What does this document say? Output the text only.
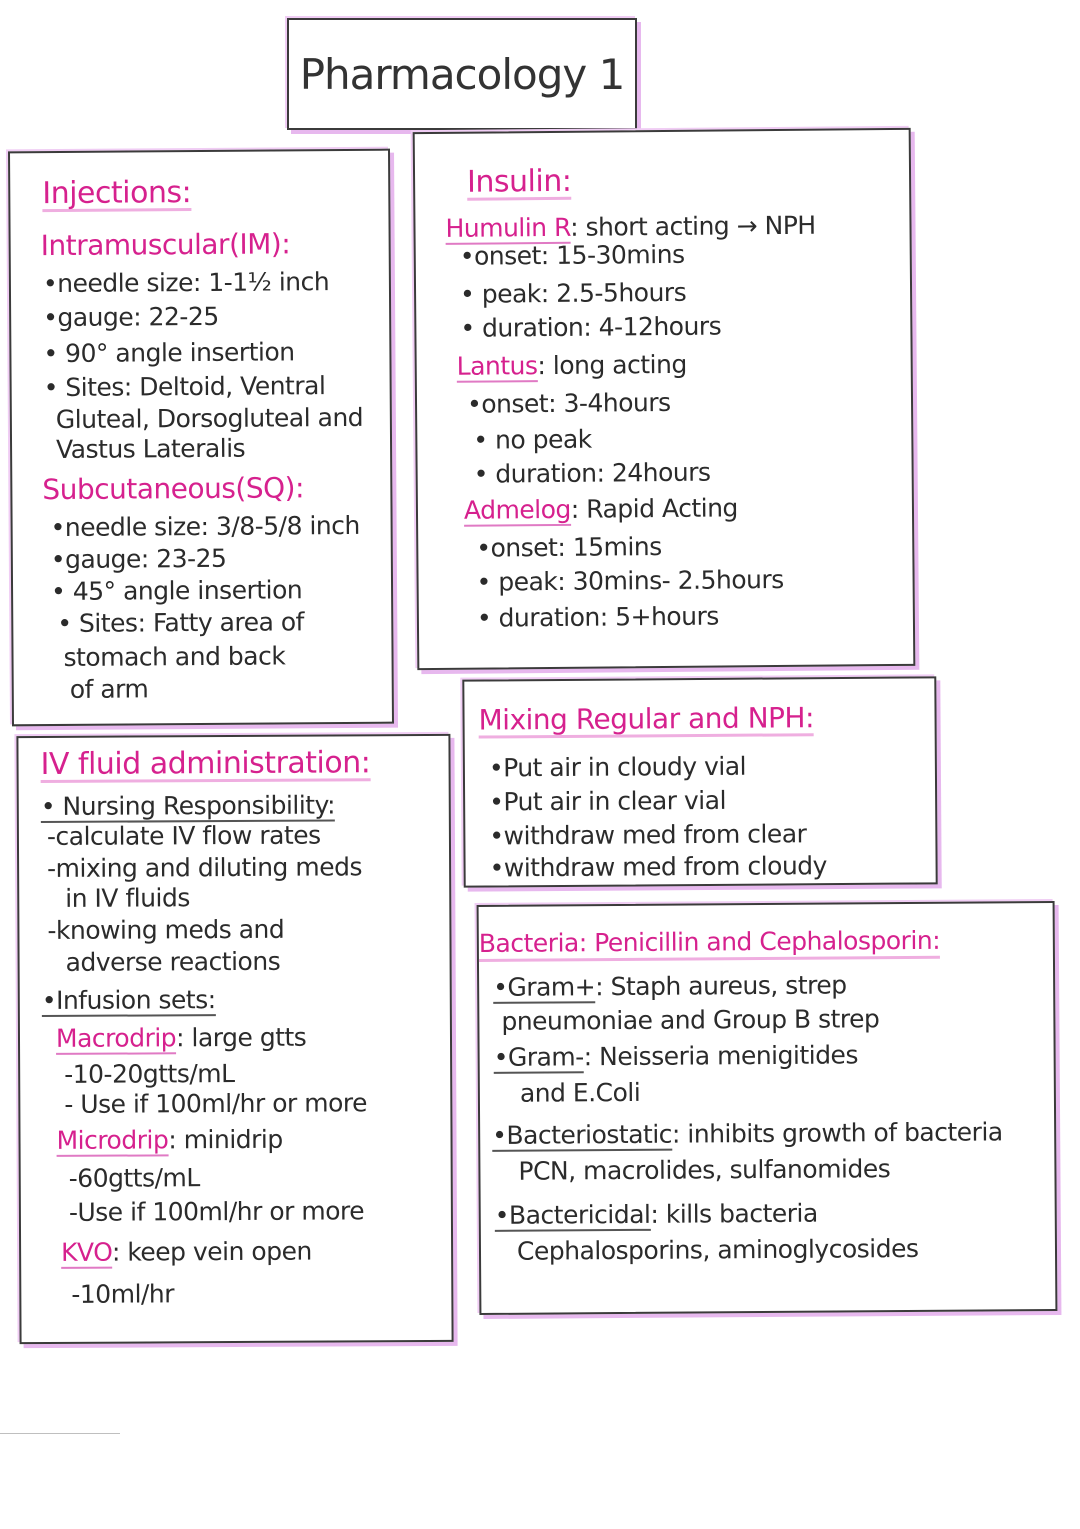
Pharmacology 1
Injections:
Intramuscular(IM):
•needle size: 1-1½ inch
•gauge: 22-25
• 90° angle insertion
• Sites: Deltoid, Ventral
Gluteal, Dorsogluteal and
Vastus Lateralis
Subcutaneous(SQ):
•needle size: 3/8-5/8 inch
•gauge: 23-25
• 45° angle insertion
• Sites: Fatty area of
stomach and back
of arm
Insulin:
Humulin R: short acting → NPH
•onset: 15-30mins
• peak: 2.5-5hours
• duration: 4-12hours
Lantus: long acting
•onset: 3-4hours
• no peak
• duration: 24hours
Admelog: Rapid Acting
•onset: 15mins
• peak: 30mins- 2.5hours
• duration: 5+hours
Mixing Regular and NPH:
•Put air in cloudy vial
•Put air in clear vial
•withdraw med from clear
•withdraw med from cloudy
IV fluid administration:
• Nursing Responsibility:
-calculate IV flow rates
-mixing and diluting meds
in IV fluids
-knowing meds and
adverse reactions
•Infusion sets:
Macrodrip: large gtts
-10-20gtts/mL
- Use if 100ml/hr or more
Microdrip: minidrip
-60gtts/mL
-Use if 100ml/hr or more
KVO: keep vein open
-10ml/hr
Bacteria: Penicillin and Cephalosporin:
•Gram+: Staph aureus, strep
pneumoniae and Group B strep
•Gram-: Neisseria menigitides
and E.Coli
•Bacteriostatic: inhibits growth of bacteria
PCN, macrolides, sulfanomides
•Bactericidal: kills bacteria
Cephalosporins, aminoglycosides
